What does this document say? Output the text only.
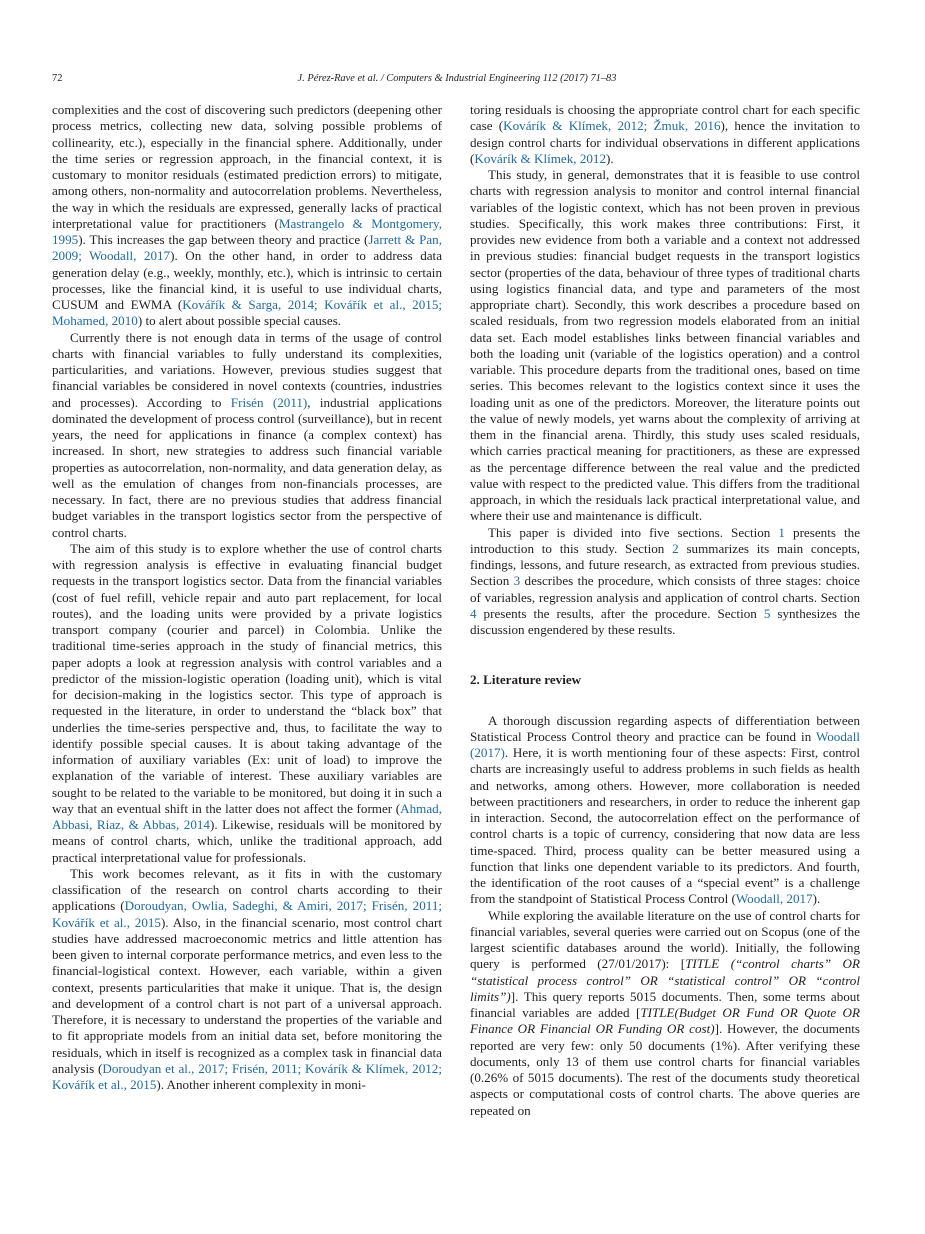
72	J. Pérez-Rave et al. / Computers & Industrial Engineering 112 (2017) 71–83

complexities and the cost of discovering such predictors (deepening other process metrics, collecting new data, solving possible problems of collinearity, etc.), especially in the financial sphere. Additionally, under the time series or regression approach, in the financial context, it is customary to monitor residuals (estimated prediction errors) to mitigate, among others, non-normality and autocorrelation problems. Nevertheless, the way in which the residuals are expressed, generally lacks of practical interpretational value for practitioners (Mastrangelo & Montgomery, 1995). This increases the gap between theory and practice (Jarrett & Pan, 2009; Woodall, 2017). On the other hand, in order to address data generation delay (e.g., weekly, monthly, etc.), which is intrinsic to certain processes, like the financial kind, it is useful to use individual charts, CUSUM and EWMA (Kovářík & Sarga, 2014; Kovářík et al., 2015; Mohamed, 2010) to alert about possible special causes.

Currently there is not enough data in terms of the usage of control charts with financial variables to fully understand its complexities, particularities, and variations. However, previous studies suggest that financial variables be considered in novel contexts (countries, industries and processes). According to Frisén (2011), industrial applications dominated the development of process control (surveillance), but in recent years, the need for applications in finance (a complex context) has increased. In short, new strategies to address such financial variable properties as autocorrelation, non-normality, and data generation delay, as well as the emulation of changes from non-financials processes, are necessary. In fact, there are no previous studies that address financial budget variables in the transport logistics sector from the perspective of control charts.

The aim of this study is to explore whether the use of control charts with regression analysis is effective in evaluating financial budget requests in the transport logistics sector. Data from the financial variables (cost of fuel refill, vehicle repair and auto part replacement, for local routes), and the loading units were provided by a private logistics transport company (courier and parcel) in Colombia. Unlike the traditional time-series approach in the study of financial metrics, this paper adopts a look at regression analysis with control variables and a predictor of the mission-logistic operation (loading unit), which is vital for decision-making in the logistics sector. This type of approach is requested in the literature, in order to understand the “black box” that underlies the time-series perspective and, thus, to facilitate the way to identify possible special causes. It is about taking advantage of the information of auxiliary variables (Ex: unit of load) to improve the explanation of the variable of interest. These auxiliary variables are sought to be related to the variable to be monitored, but doing it in such a way that an eventual shift in the latter does not affect the former (Ahmad, Abbasi, Riaz, & Abbas, 2014). Likewise, residuals will be monitored by means of control charts, which, unlike the traditional approach, add practical interpretational value for professionals.

This work becomes relevant, as it fits in with the customary classification of the research on control charts according to their applications (Doroudyan, Owlia, Sadeghi, & Amiri, 2017; Frisén, 2011; Kovářík et al., 2015). Also, in the financial scenario, most control chart studies have addressed macroeconomic metrics and little attention has been given to internal corporate performance metrics, and even less to the financial-logistical context. However, each variable, within a given context, presents particularities that make it unique. That is, the design and development of a control chart is not part of a universal approach. Therefore, it is necessary to understand the properties of the variable and to fit appropriate models from an initial data set, before monitoring the residuals, which in itself is recognized as a complex task in financial data analysis (Doroudyan et al., 2017; Frisén, 2011; Kovárík & Klímek, 2012; Kovářík et al., 2015). Another inherent complexity in moni-

toring residuals is choosing the appropriate control chart for each specific case (Kovárík & Klímek, 2012; Žmuk, 2016), hence the invitation to design control charts for individual observations in different applications (Kovárík & Klímek, 2012).

This study, in general, demonstrates that it is feasible to use control charts with regression analysis to monitor and control internal financial variables of the logistic context, which has not been proven in previous studies. Specifically, this work makes three contributions: First, it provides new evidence from both a variable and a context not addressed in previous studies: financial budget requests in the transport logistics sector (properties of the data, behaviour of three types of traditional charts using logistics financial data, and type and parameters of the most appropriate chart). Secondly, this work describes a procedure based on scaled residuals, from two regression models elaborated from an initial data set. Each model establishes links between financial variables and both the loading unit (variable of the logistics operation) and a control variable. This procedure departs from the traditional ones, based on time series. This becomes relevant to the logistics context since it uses the loading unit as one of the predictors. Moreover, the literature points out the value of newly models, yet warns about the complexity of arriving at them in the financial arena. Thirdly, this study uses scaled residuals, which carries practical meaning for practitioners, as these are expressed as the percentage difference between the real value and the predicted value with respect to the predicted value. This differs from the traditional approach, in which the residuals lack practical interpretational value, and where their use and maintenance is difficult.

This paper is divided into five sections. Section 1 presents the introduction to this study. Section 2 summarizes its main concepts, findings, lessons, and future research, as extracted from previous studies. Section 3 describes the procedure, which consists of three stages: choice of variables, regression analysis and application of control charts. Section 4 presents the results, after the procedure. Section 5 synthesizes the discussion engendered by these results.

2. Literature review

A thorough discussion regarding aspects of differentiation between Statistical Process Control theory and practice can be found in Woodall (2017). Here, it is worth mentioning four of these aspects: First, control charts are increasingly useful to address problems in such fields as health and networks, among others. However, more collaboration is needed between practitioners and researchers, in order to reduce the inherent gap in interaction. Second, the autocorrelation effect on the performance of control charts is a topic of currency, considering that now data are less time-spaced. Third, process quality can be better measured using a function that links one dependent variable to its predictors. And fourth, the identification of the root causes of a “special event” is a challenge from the standpoint of Statistical Process Control (Woodall, 2017).

While exploring the available literature on the use of control charts for financial variables, several queries were carried out on Scopus (one of the largest scientific databases around the world). Initially, the following query is performed (27/01/2017): [TITLE (“control charts” OR “statistical process control” OR “statistical control” OR “control limits”)]. This query reports 5015 documents. Then, some terms about financial variables are added [TITLE(Budget OR Fund OR Quote OR Finance OR Financial OR Funding OR cost)]. However, the documents reported are very few: only 50 documents (1%). After verifying these documents, only 13 of them use control charts for financial variables (0.26% of 5015 documents). The rest of the documents study theoretical aspects or computational costs of control charts. The above queries are repeated on
